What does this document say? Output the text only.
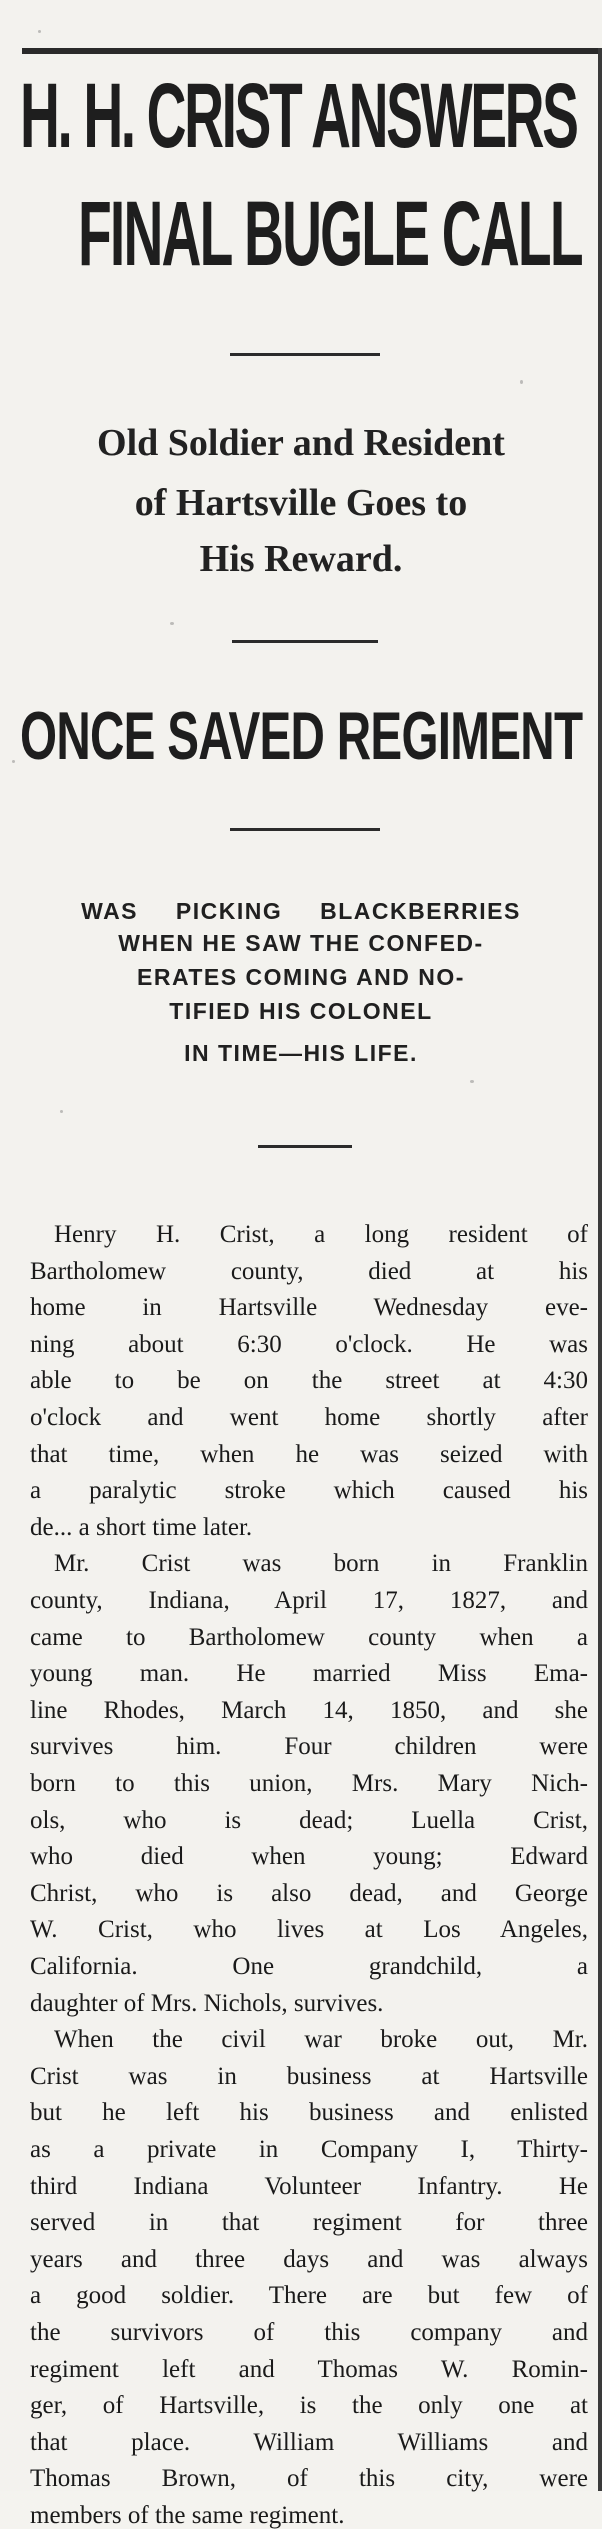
H. H. CRIST ANSWERS
FINAL BUGLE CALL
Old Soldier and Resident
of Hartsville Goes to
His Reward.
ONCE SAVED REGIMENT

WAS PICKING BLACKBERRIES

WHEN HE SAW THE CONFED-

ERATES COMING AND NO-

TIFIED HIS COLONEL

IN TIME—HIS LIFE.

Henry H. Crist, a long resident of

Bartholomew county, died at his

home in Hartsville Wednesday eve-

ning about 6:30 o'clock. He was

able to be on the street at 4:30

o'clock and went home shortly after

that time, when he was seized with

a paralytic stroke which caused his

de... a short time later.

Mr. Crist was born in Franklin

county, Indiana, April 17, 1827, and

came to Bartholomew county when a

young man. He married Miss Ema-

line Rhodes, March 14, 1850, and she

survives him. Four children were

born to this union, Mrs. Mary Nich-

ols, who is dead; Luella Crist,

who died when young; Edward

Christ, who is also dead, and George

W. Crist, who lives at Los Angeles,

California. One grandchild, a

daughter of Mrs. Nichols, survives.

When the civil war broke out, Mr.

Crist was in business at Hartsville

but he left his business and enlisted

as a private in Company I, Thirty-

third Indiana Volunteer Infantry. He

served in that regiment for three

years and three days and was always

a good soldier. There are but few of

the survivors of this company and

regiment left and Thomas W. Romin-

ger, of Hartsville, is the only one at

that place. William Williams and

Thomas Brown, of this city, were

members of the same regiment.
